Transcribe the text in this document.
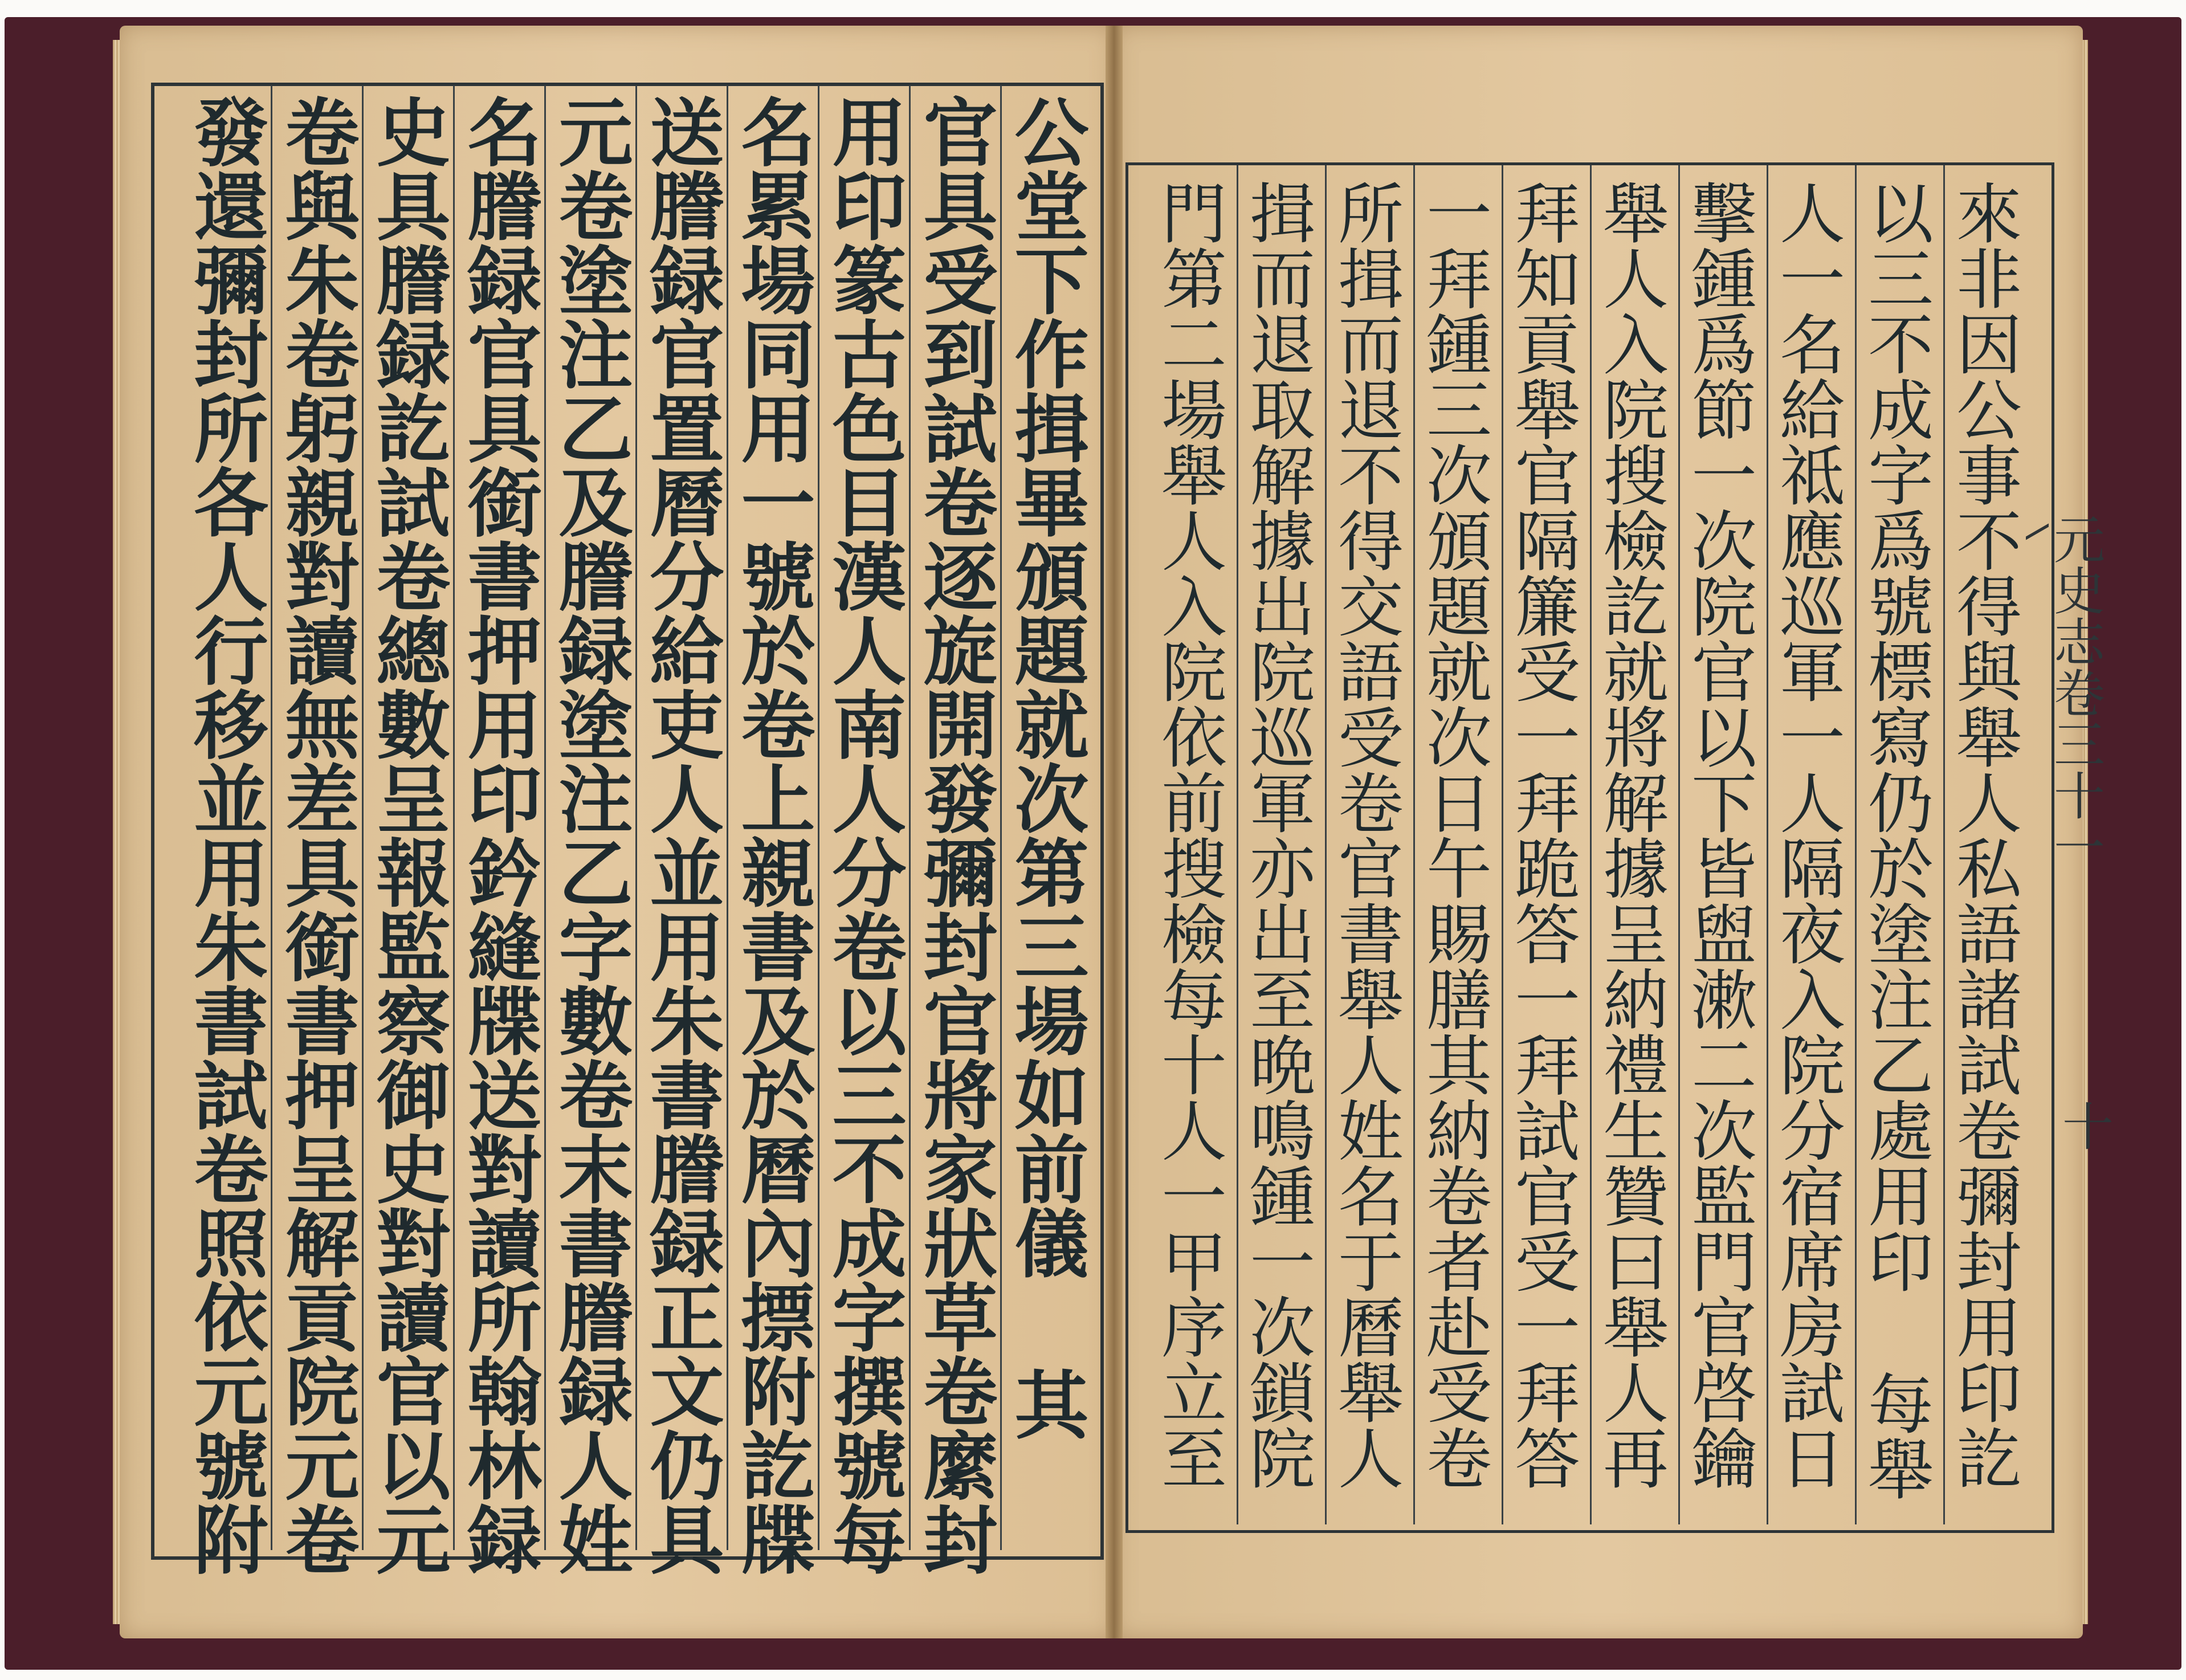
公堂下作揖畢頒題就次第三場如前儀 其
官具受到試卷逐旋開發彌封官將家狀草卷縻封
用印篆古色目漢人南人分卷以三不成字撰號每
名累場同用一號於卷上親書及於曆內摽附訖牒
送謄録官置曆分給吏人並用朱書謄録正文仍具
元卷塗注乙及謄録塗注乙字數卷末書謄録人姓
名謄録官具銜書押用印鈐縫牒送對讀所翰林録
史具謄録訖試卷總數呈報監察御史對讀官以元
卷與朱卷躬親對讀無差具銜書押呈解貢院元卷
發還彌封所各人行移並用朱書試卷照依元號附	來非因公事不得與舉人私語諸試卷彌封用印訖
以三不成字爲號標寫仍於塗注乙處用印 每舉
人一名給祗應巡軍一人隔夜入院分宿席房試日
擊鍾爲節一次院官以下皆盥漱二次監門官啓鑰
舉人入院搜檢訖就將解據呈納禮生贊曰舉人再
拜知貢舉官隔簾受一拜跪答一拜試官受一拜答
一拜鍾三次頒題就次日午賜膳其納卷者赴受卷
所揖而退不得交語受卷官書舉人姓名于曆舉人
揖而退取解據出院巡軍亦出至晩鳴鍾一次鎖院
門第二場舉人入院依前搜檢每十人一甲序立至	元史志卷三十一
十
